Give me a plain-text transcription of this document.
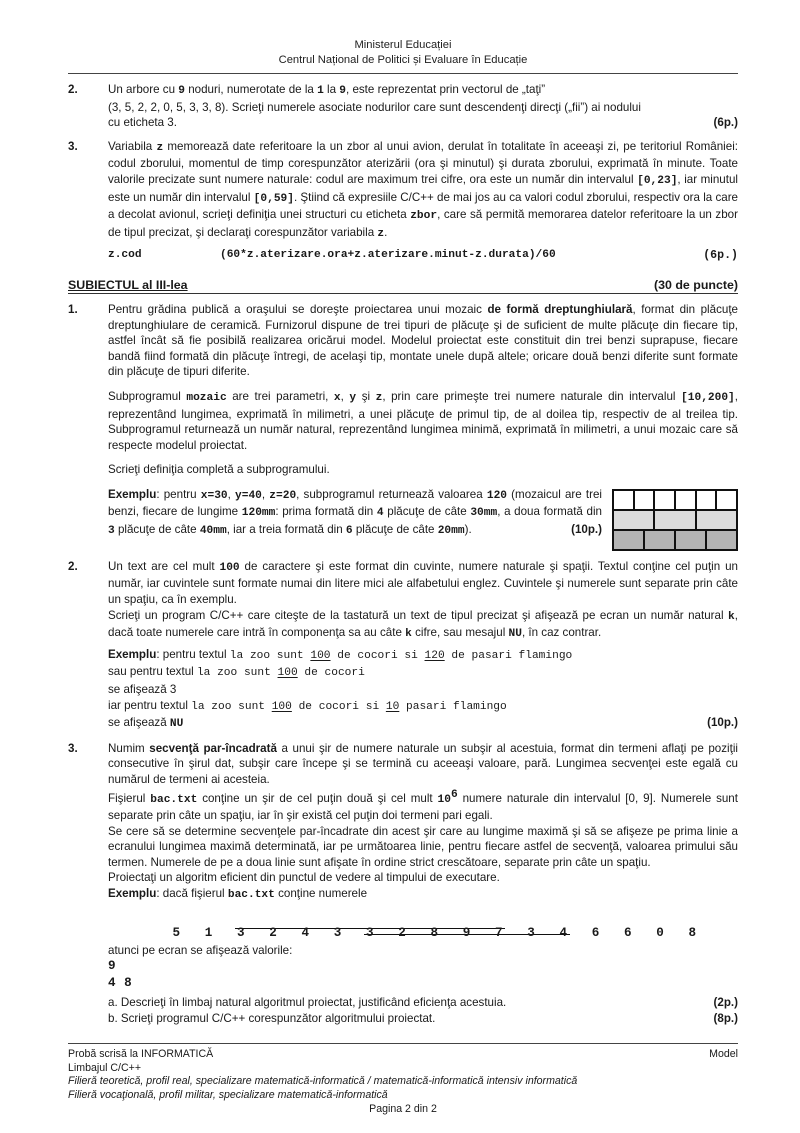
Ministerul Educației
Centrul Național de Politici și Evaluare în Educație
2.	Un arbore cu 9 noduri, numerotate de la 1 la 9, este reprezentat prin vectorul de „taţi”

(3, 5, 2, 2, 0, 5, 3, 3, 8). Scrieţi numerele asociate nodurilor care sunt descendenţi direcţi („fii”) ai nodului

(6p.)
cu eticheta 3.

3.	Variabila z memorează date referitoare la un zbor al unui avion, derulat în totalitate în aceeaşi zi, pe teritoriul României: codul zborului, momentul de timp corespunzător aterizării (ora şi minutul) şi durata zborului, exprimată în minute. Toate valorile precizate sunt numere naturale: codul are maximum trei cifre, ora este un număr din intervalul [0,23], iar minutul este un număr din intervalul [0,59]. Ştiind că expresiile C/C++ de mai jos au ca valori codul zborului, respectiv ora la care a decolat avionul, scrieţi definiţia unei structuri cu eticheta zbor, care să permită memorarea datelor referitoare la un zbor de tipul precizat, şi declaraţi corespunzător variabila z.

z.cod	(60*z.aterizare.ora+z.aterizare.minut-z.durata)/60	(6p.)
SUBIECTUL al III-lea	(30 de puncte)
1.	Pentru grădina publică a oraşului se doreşte proiectarea unui mozaic de formă dreptunghiulară, format din plăcuţe dreptunghiulare de ceramică. Furnizorul dispune de trei tipuri de plăcuţe şi de suficient de multe plăcuţe din fiecare tip, astfel încât să fie posibilă realizarea oricărui model. Modelul proiectat este constituit din trei benzi suprapuse, fiecare bandă fiind formată din plăcuţe întregi, de acelaşi tip, montate unele după altele; oricare două benzi diferite sunt formate din plăcuţe de tipuri diferite.

Subprogramul mozaic are trei parametri, x, y şi z, prin care primeşte trei numere naturale din intervalul [10,200], reprezentând lungimea, exprimată în milimetri, a unei plăcuţe de primul tip, de al doilea tip, respectiv de al treilea tip. Subprogramul returnează un număr natural, reprezentând lungimea minimă, exprimată în milimetri, a unui mozaic care să respecte modelul proiectat.

Scrieţi definiţia completă a subprogramului.

Exemplu: pentru x=30, y=40, z=20, subprogramul returnează valoarea 120 (mozaicul are trei benzi, fiecare de lungime 120mm: prima formată din 4 plăcuţe de câte 30mm, a doua formată din 3 plăcuţe de câte 40mm, iar a treia formată din 6 plăcuţe de câte 20mm).	(10p.)
2.	Un text are cel mult 100 de caractere şi este format din cuvinte, numere naturale şi spaţii. Textul conţine cel puţin un număr, iar cuvintele sunt formate numai din litere mici ale alfabetului englez. Cuvintele şi numerele sunt separate prin câte un spaţiu, ca în exemplu.

Scrieţi un program C/C++ care citeşte de la tastatură un text de tipul precizat şi afişează pe ecran un număr natural k, dacă toate numerele care intră în componenţa sa au câte k cifre, sau mesajul NU, în caz contrar.

Exemplu: pentru textul la zoo sunt 100 de cocori si 120 de pasari flamingo

sau pentru textul la zoo sunt 100 de cocori

se afişează 3

iar pentru textul la zoo sunt 100 de cocori si 10 pasari flamingo

(10p.)
se afişează NU

3.	Numim secvenţă par-încadrată a unui şir de numere naturale un subşir al acestuia, format din termeni aflaţi pe poziţii consecutive în şirul dat, subşir care începe şi se termină cu aceeaşi valoare, pară. Lungimea secvenţei este egală cu numărul de termeni ai acesteia.

Fişierul bac.txt conţine un şir de cel puţin două şi cel mult $10^6$ numere naturale din intervalul [0, 9]. Numerele sunt separate prin câte un spaţiu, iar în şir există cel puţin doi termeni pari egali.

Se cere să se determine secvenţele par-încadrate din acest şir care au lungime maximă şi să se afişeze pe prima linie a ecranului lungimea maximă determinată, iar pe următoarea linie, pentru fiecare astfel de secvenţă, valoarea primului său termen. Numerele de pe a doua linie sunt afişate în ordine strict crescătoare, separate prin câte un spaţiu.

Proiectaţi un algoritm eficient din punctul de vedere al timpului de executare.

Exemplu: dacă fişierul bac.txt conţine numerele

5 1 3 2 4 3 3 2 8 9 7 3 4 6 6 0 8

atunci pe ecran se afişează valorile:

9
4 8
a. Descrieţi în limbaj natural algoritmul proiectat, justificând eficienţa acestuia.	(2p.)
b. Scrieţi programul C/C++ corespunzător algoritmului proiectat.	(8p.)
Probă scrisă la INFORMATICĂ	Model
Limbajul C/C++
Filieră teoretică, profil real, specializare matematică-informatică / matematică-informatică intensiv informatică
Filieră vocaţională, profil militar, specializare matematică-informatică
Pagina 2 din 2
